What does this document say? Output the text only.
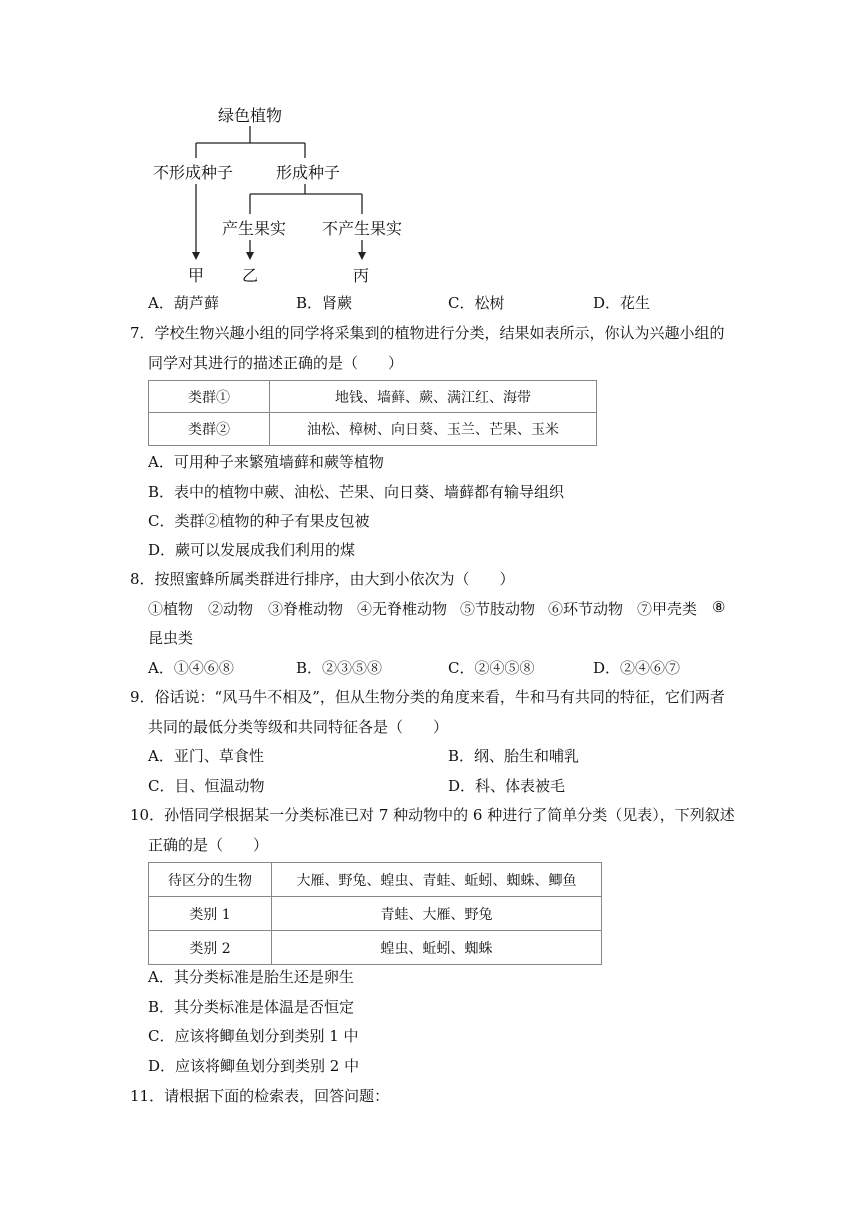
绿色植物
不形成种子	形成种子
产生果实 不产生果实
甲 乙	丙
A．葫芦藓	B．肾蕨	C．松树	D．花生
7．学校生物兴趣小组的同学将采集到的植物进行分类，结果如表所示，你认为兴趣小组的
同学对其进行的描述正确的是（　　）
类群①	地钱、墙藓、蕨、满江红、海带
类群②	油松、樟树、向日葵、玉兰、芒果、玉米
A．可用种子来繁殖墙藓和蕨等植物
B．表中的植物中蕨、油松、芒果、向日葵、墙藓都有输导组织
C．类群②植物的种子有果皮包被
D．蕨可以发展成我们利用的煤
8．按照蜜蜂所属类群进行排序，由大到小依次为（　　）
①植物 ②动物 ③脊椎动物 ④无脊椎动物 ⑤节肢动物 ⑥环节动物 ⑦甲壳类 ⑧
昆虫类
A．①④⑥⑧	B．②③⑤⑧	C．②④⑤⑧	D．②④⑥⑦
9．俗话说：“风马牛不相及”，但从生物分类的角度来看，牛和马有共同的特征，它们两者
共同的最低分类等级和共同特征各是（　　）
A．亚门、草食性	B．纲、胎生和哺乳
C．目、恒温动物	D．科、体表被毛
10．孙悟同学根据某一分类标准已对 7 种动物中的 6 种进行了简单分类（见表），下列叙述
正确的是（　　）
待区分的生物	大雁、野兔、蝗虫、青蛙、蚯蚓、蜘蛛、鲫鱼
类别 1	青蛙、大雁、野兔
类别 2	蝗虫、蚯蚓、蜘蛛
A．其分类标准是胎生还是卵生
B．其分类标准是体温是否恒定
C．应该将鲫鱼划分到类别 1 中
D．应该将鲫鱼划分到类别 2 中
11．请根据下面的检索表，回答问题：
